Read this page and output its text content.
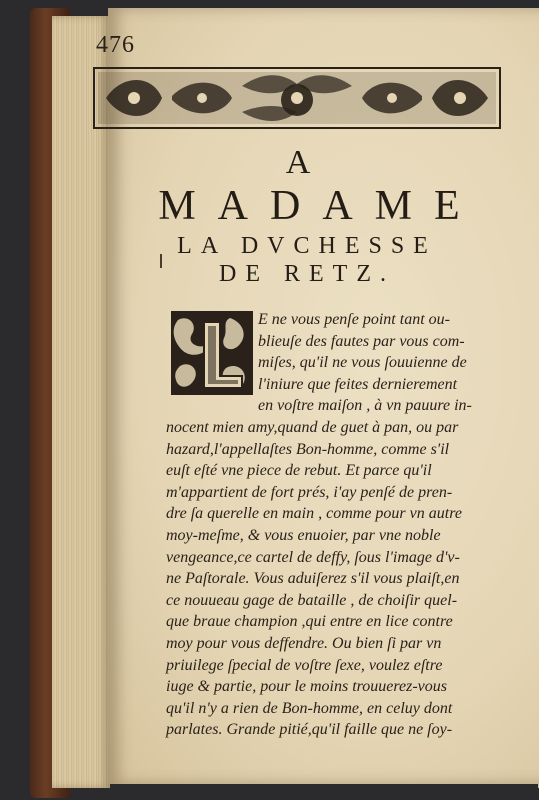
476
A
MADAME
LA DVCHESSE
DE RETZ.
E ne vous penſe point tant ou-
blieuſe des fautes par vous com-
miſes, qu'il ne vous ſouuienne de
l'iniure que feites dernierement
en voſtre maiſon , à vn pauure in-
nocent mien amy,quand de guet à pan, ou par
hazard,l'appellaſtes Bon-homme, comme s'il
euſt eſté vne piece de rebut. Et parce qu'il
m'appartient de fort prés, i'ay penſé de pren-
dre ſa querelle en main , comme pour vn autre
moy-meſme, & vous enuoier, par vne noble
vengeance,ce cartel de deffy, ſous l'image d'v-
ne Paſtorale. Vous aduiſerez s'il vous plaiſt,en
ce nouueau gage de bataille , de choiſir quel-
que braue champion ,qui entre en lice contre
moy pour vous deffendre. Ou bien ſi par vn
priuilege ſpecial de voſtre ſexe, voulez eſtre
iuge & partie, pour le moins trouuerez-vous
qu'il n'y a rien de Bon-homme, en celuy dont
parlates. Grande pitié,qu'il faille que ne ſoy-
